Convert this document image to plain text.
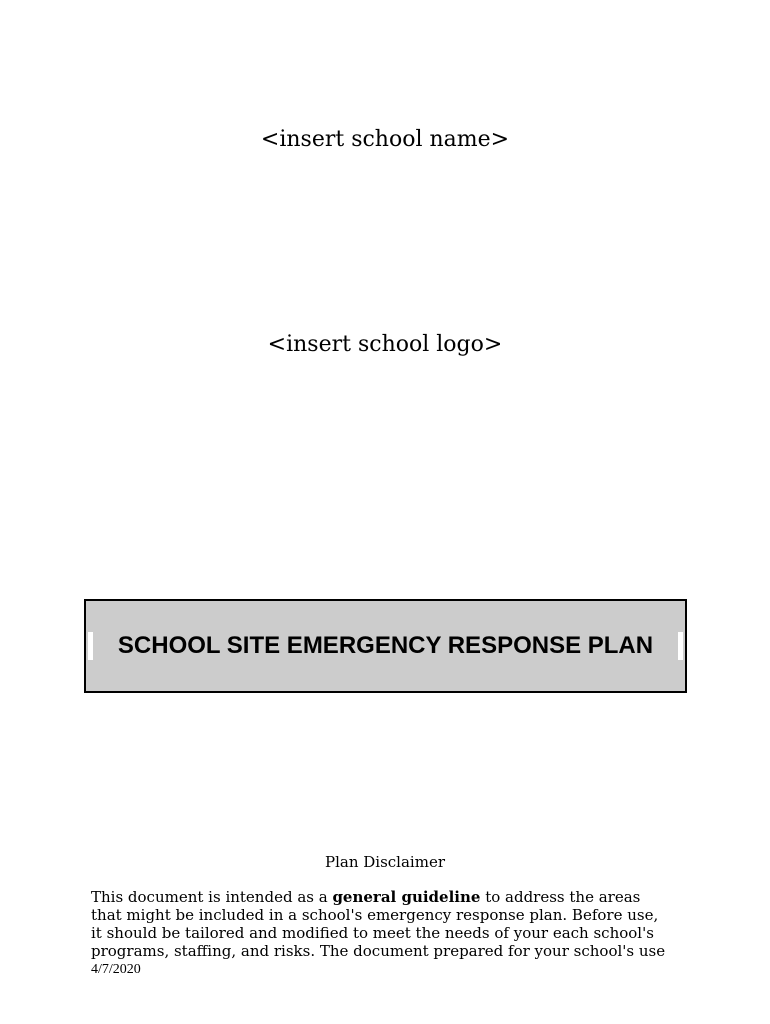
<insert school name>
<insert school logo>
SCHOOL SITE EMERGENCY RESPONSE PLAN
Plan Disclaimer
This document is intended as a general guideline to address the areas
that might be included in a school's emergency response plan. Before use,
it should be tailored and modified to meet the needs of your each school's
programs, staffing, and risks. The document prepared for your school's use
4/7/2020
